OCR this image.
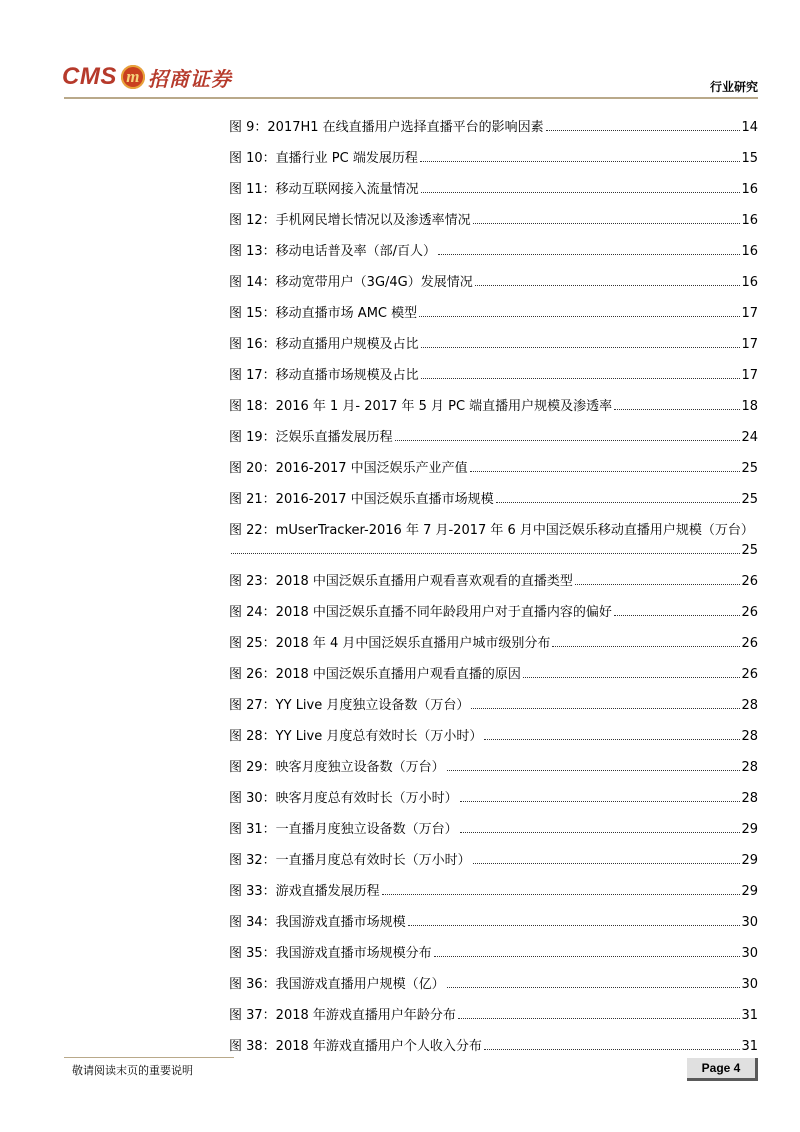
CMS m 招商证券	行业研究
图 9：2017H1 在线直播用户选择直播平台的影响因素	14
图 10：直播行业 PC 端发展历程	15
图 11：移动互联网接入流量情况	16
图 12：手机网民增长情况以及渗透率情况	16
图 13：移动电话普及率（部/百人）	16
图 14：移动宽带用户（3G/4G）发展情况	16
图 15：移动直播市场 AMC 模型	17
图 16：移动直播用户规模及占比	17
图 17：移动直播市场规模及占比	17
图 18：2016 年 1 月- 2017 年 5 月 PC 端直播用户规模及渗透率	18
图 19：泛娱乐直播发展历程	24
图 20：2016-2017 中国泛娱乐产业产值	25
图 21：2016-2017 中国泛娱乐直播市场规模	25
图 22：mUserTracker-2016 年 7 月-2017 年 6 月中国泛娱乐移动直播用户规模（万台）
25
图 23：2018 中国泛娱乐直播用户观看喜欢观看的直播类型	26
图 24：2018 中国泛娱乐直播不同年龄段用户对于直播内容的偏好	26
图 25：2018 年 4 月中国泛娱乐直播用户城市级别分布	26
图 26：2018 中国泛娱乐直播用户观看直播的原因	26
图 27：YY Live 月度独立设备数（万台）	28
图 28：YY Live 月度总有效时长（万小时）	28
图 29：映客月度独立设备数（万台）	28
图 30：映客月度总有效时长（万小时）	28
图 31：一直播月度独立设备数（万台）	29
图 32：一直播月度总有效时长（万小时）	29
图 33：游戏直播发展历程	29
图 34：我国游戏直播市场规模	30
图 35：我国游戏直播市场规模分布	30
图 36：我国游戏直播用户规模（亿）	30
图 37：2018 年游戏直播用户年龄分布	31
图 38：2018 年游戏直播用户个人收入分布	31
敬请阅读末页的重要说明	Page 4
